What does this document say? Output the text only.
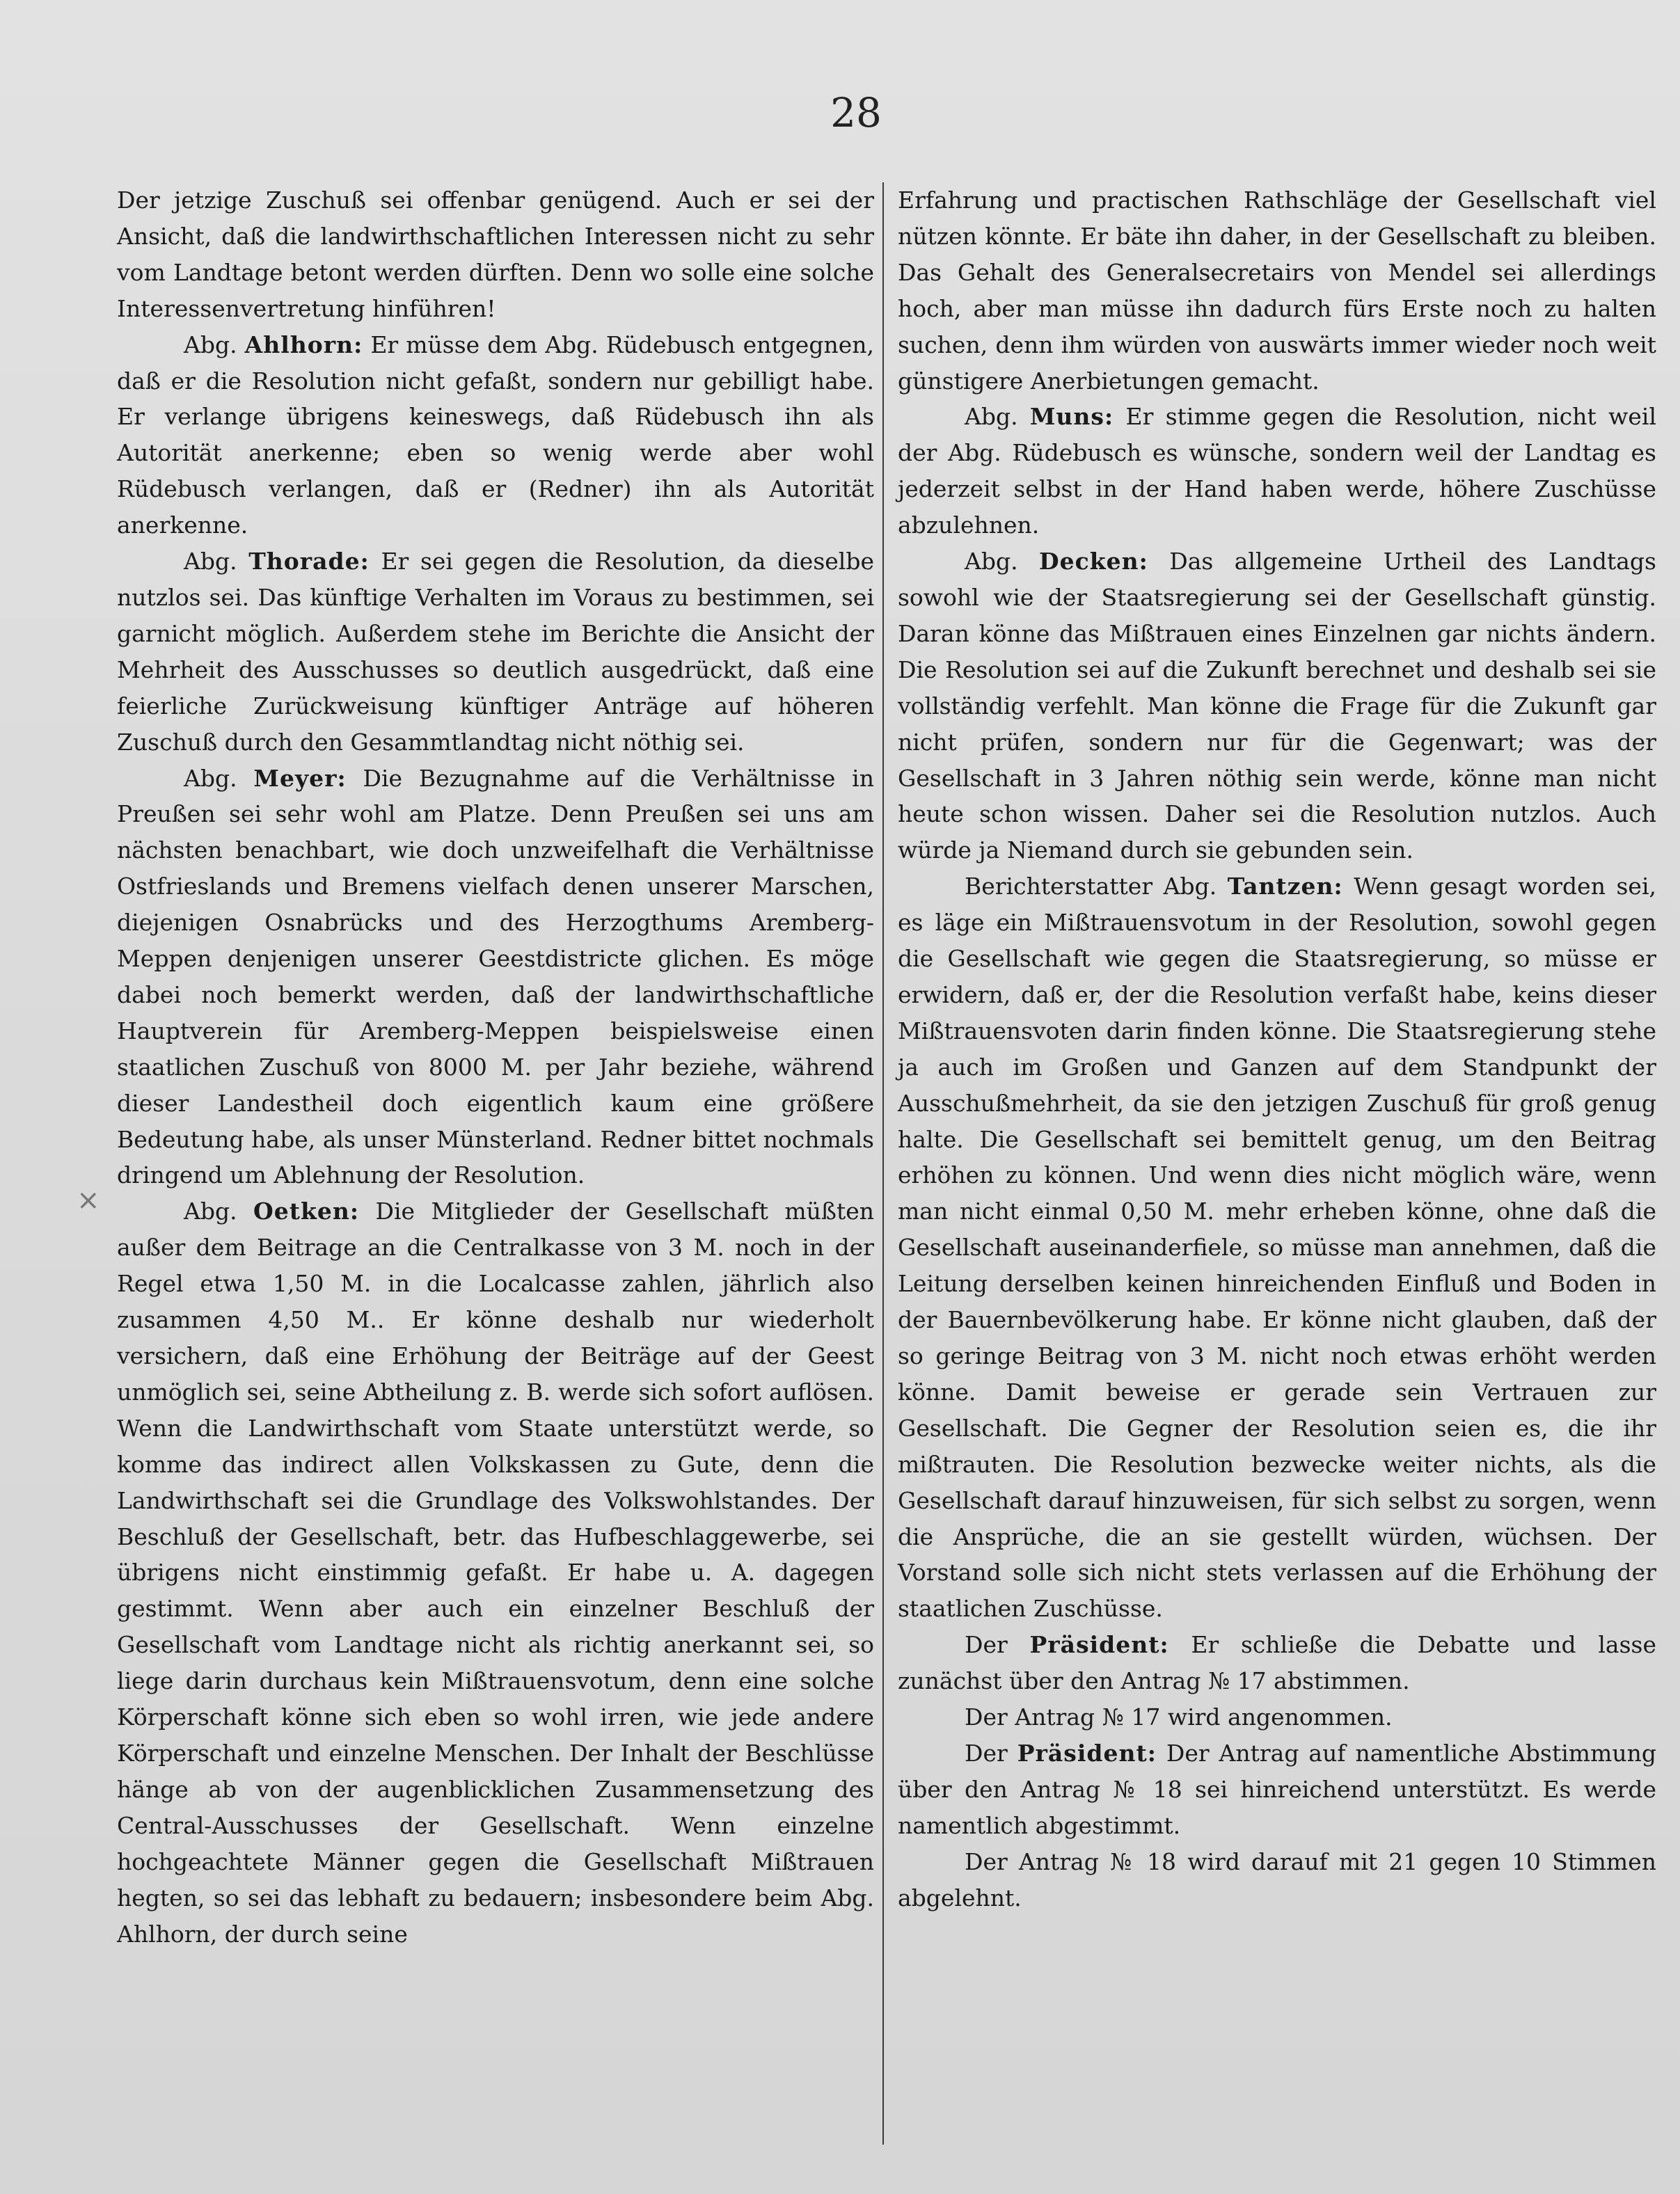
28
×

Der jetzige Zuschuß sei offenbar genügend. Auch er sei der Ansicht, daß die landwirthschaftlichen Interessen nicht zu sehr vom Landtage betont werden dürften. Denn wo solle eine solche Interessenvertretung hinführen!

Abg. Ahlhorn: Er müsse dem Abg. Rüdebusch entgegnen, daß er die Resolution nicht gefaßt, sondern nur gebilligt habe. Er verlange übrigens keineswegs, daß Rüdebusch ihn als Autorität anerkenne; eben so wenig werde aber wohl Rüdebusch verlangen, daß er (Redner) ihn als Autorität anerkenne.

Abg. Thorade: Er sei gegen die Resolution, da dieselbe nutzlos sei. Das künftige Verhalten im Voraus zu bestimmen, sei garnicht möglich. Außerdem stehe im Berichte die Ansicht der Mehrheit des Ausschusses so deutlich ausgedrückt, daß eine feierliche Zurückweisung künftiger Anträge auf höheren Zuschuß durch den Gesammtlandtag nicht nöthig sei.

Abg. Meyer: Die Bezugnahme auf die Verhältnisse in Preußen sei sehr wohl am Platze. Denn Preußen sei uns am nächsten benachbart, wie doch unzweifelhaft die Verhältnisse Ostfrieslands und Bremens vielfach denen unserer Marschen, diejenigen Osnabrücks und des Herzogthums Aremberg-Meppen denjenigen unserer Geestdistricte glichen. Es möge dabei noch bemerkt werden, daß der landwirthschaftliche Hauptverein für Aremberg-Meppen beispielsweise einen staatlichen Zuschuß von 8000 M. per Jahr beziehe, während dieser Landestheil doch eigentlich kaum eine größere Bedeutung habe, als unser Münsterland. Redner bittet nochmals dringend um Ablehnung der Resolution.

Abg. Oetken: Die Mitglieder der Gesellschaft müßten außer dem Beitrage an die Centralkasse von 3 M. noch in der Regel etwa 1,50 M. in die Localcasse zahlen, jährlich also zusammen 4,50 M.. Er könne deshalb nur wiederholt versichern, daß eine Erhöhung der Beiträge auf der Geest unmöglich sei, seine Abtheilung z. B. werde sich sofort auflösen. Wenn die Landwirthschaft vom Staate unterstützt werde, so komme das indirect allen Volkskassen zu Gute, denn die Landwirthschaft sei die Grundlage des Volkswohlstandes. Der Beschluß der Gesellschaft, betr. das Hufbeschlaggewerbe, sei übrigens nicht einstimmig gefaßt. Er habe u. A. dagegen gestimmt. Wenn aber auch ein einzelner Beschluß der Gesellschaft vom Landtage nicht als richtig anerkannt sei, so liege darin durchaus kein Mißtrauensvotum, denn eine solche Körperschaft könne sich eben so wohl irren, wie jede andere Körperschaft und einzelne Menschen. Der Inhalt der Beschlüsse hänge ab von der augenblicklichen Zusammensetzung des Central-Ausschusses der Gesellschaft. Wenn einzelne hochgeachtete Männer gegen die Gesellschaft Mißtrauen hegten, so sei das lebhaft zu bedauern; insbesondere beim Abg. Ahlhorn, der durch seine

Erfahrung und practischen Rathschläge der Gesellschaft viel nützen könnte. Er bäte ihn daher, in der Gesellschaft zu bleiben. Das Gehalt des Generalsecretairs von Mendel sei allerdings hoch, aber man müsse ihn dadurch fürs Erste noch zu halten suchen, denn ihm würden von auswärts immer wieder noch weit günstigere Anerbietungen gemacht.

Abg. Muns: Er stimme gegen die Resolution, nicht weil der Abg. Rüdebusch es wünsche, sondern weil der Landtag es jederzeit selbst in der Hand haben werde, höhere Zuschüsse abzulehnen.

Abg. Decken: Das allgemeine Urtheil des Landtags sowohl wie der Staatsregierung sei der Gesellschaft günstig. Daran könne das Mißtrauen eines Einzelnen gar nichts ändern. Die Resolution sei auf die Zukunft berechnet und deshalb sei sie vollständig verfehlt. Man könne die Frage für die Zukunft gar nicht prüfen, sondern nur für die Gegenwart; was der Gesellschaft in 3 Jahren nöthig sein werde, könne man nicht heute schon wissen. Daher sei die Resolution nutzlos. Auch würde ja Niemand durch sie gebunden sein.

Berichterstatter Abg. Tantzen: Wenn gesagt worden sei, es läge ein Mißtrauensvotum in der Resolution, sowohl gegen die Gesellschaft wie gegen die Staatsregierung, so müsse er erwidern, daß er, der die Resolution verfaßt habe, keins dieser Mißtrauensvoten darin finden könne. Die Staatsregierung stehe ja auch im Großen und Ganzen auf dem Standpunkt der Ausschußmehrheit, da sie den jetzigen Zuschuß für groß genug halte. Die Gesellschaft sei bemittelt genug, um den Beitrag erhöhen zu können. Und wenn dies nicht möglich wäre, wenn man nicht einmal 0,50 M. mehr erheben könne, ohne daß die Gesellschaft auseinanderfiele, so müsse man annehmen, daß die Leitung derselben keinen hinreichenden Einfluß und Boden in der Bauernbevölkerung habe. Er könne nicht glauben, daß der so geringe Beitrag von 3 M. nicht noch etwas erhöht werden könne. Damit beweise er gerade sein Vertrauen zur Gesellschaft. Die Gegner der Resolution seien es, die ihr mißtrauten. Die Resolution bezwecke weiter nichts, als die Gesellschaft darauf hinzuweisen, für sich selbst zu sorgen, wenn die Ansprüche, die an sie gestellt würden, wüchsen. Der Vorstand solle sich nicht stets verlassen auf die Erhöhung der staatlichen Zuschüsse.

Der Präsident: Er schließe die Debatte und lasse zunächst über den Antrag № 17 abstimmen.

Der Antrag № 17 wird angenommen.

Der Präsident: Der Antrag auf namentliche Abstimmung über den Antrag № 18 sei hinreichend unterstützt. Es werde namentlich abgestimmt.

Der Antrag № 18 wird darauf mit 21 gegen 10 Stimmen abgelehnt.
